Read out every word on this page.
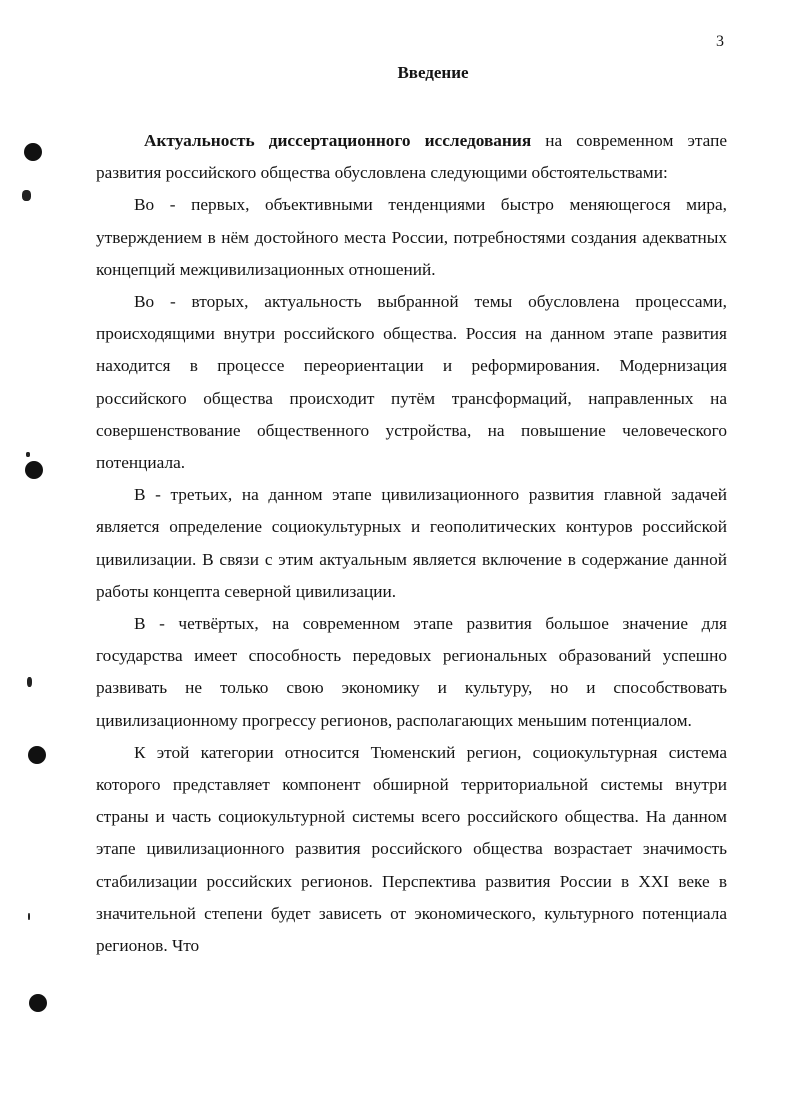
3
Введение

Актуальность диссертационного исследования на современном этапе развития российского общества обусловлена следующими обстоятельствами:

Во - первых, объективными тенденциями быстро меняющегося мира, утверждением в нём достойного места России, потребностями создания адекватных концепций межцивилизационных отношений.

Во - вторых, актуальность выбранной темы обусловлена процессами, происходящими внутри российского общества. Россия на данном этапе развития находится в процессе переориентации и реформирования. Модернизация российского общества происходит путём трансформаций, направленных на совершенствование общественного устройства, на повышение человеческого потенциала.

В - третьих, на данном этапе цивилизационного развития главной задачей является определение социокультурных и геополитических контуров российской цивилизации. В связи с этим актуальным является включение в содержание данной работы концепта северной цивилизации.

В - четвёртых, на современном этапе развития большое значение для государства имеет способность передовых региональных образований успешно развивать не только свою экономику и культуру, но и способствовать цивилизационному прогрессу регионов, располагающих меньшим потенциалом.

К этой категории относится Тюменский регион, социокультурная система которого представляет компонент обширной территориальной системы внутри страны и часть социокультурной системы всего российского общества. На данном этапе цивилизационного развития российского общества возрастает значимость стабилизации российских регионов. Перспектива развития России в XXI веке в значительной степени будет зависеть от экономического, культурного потенциала регионов. Что
